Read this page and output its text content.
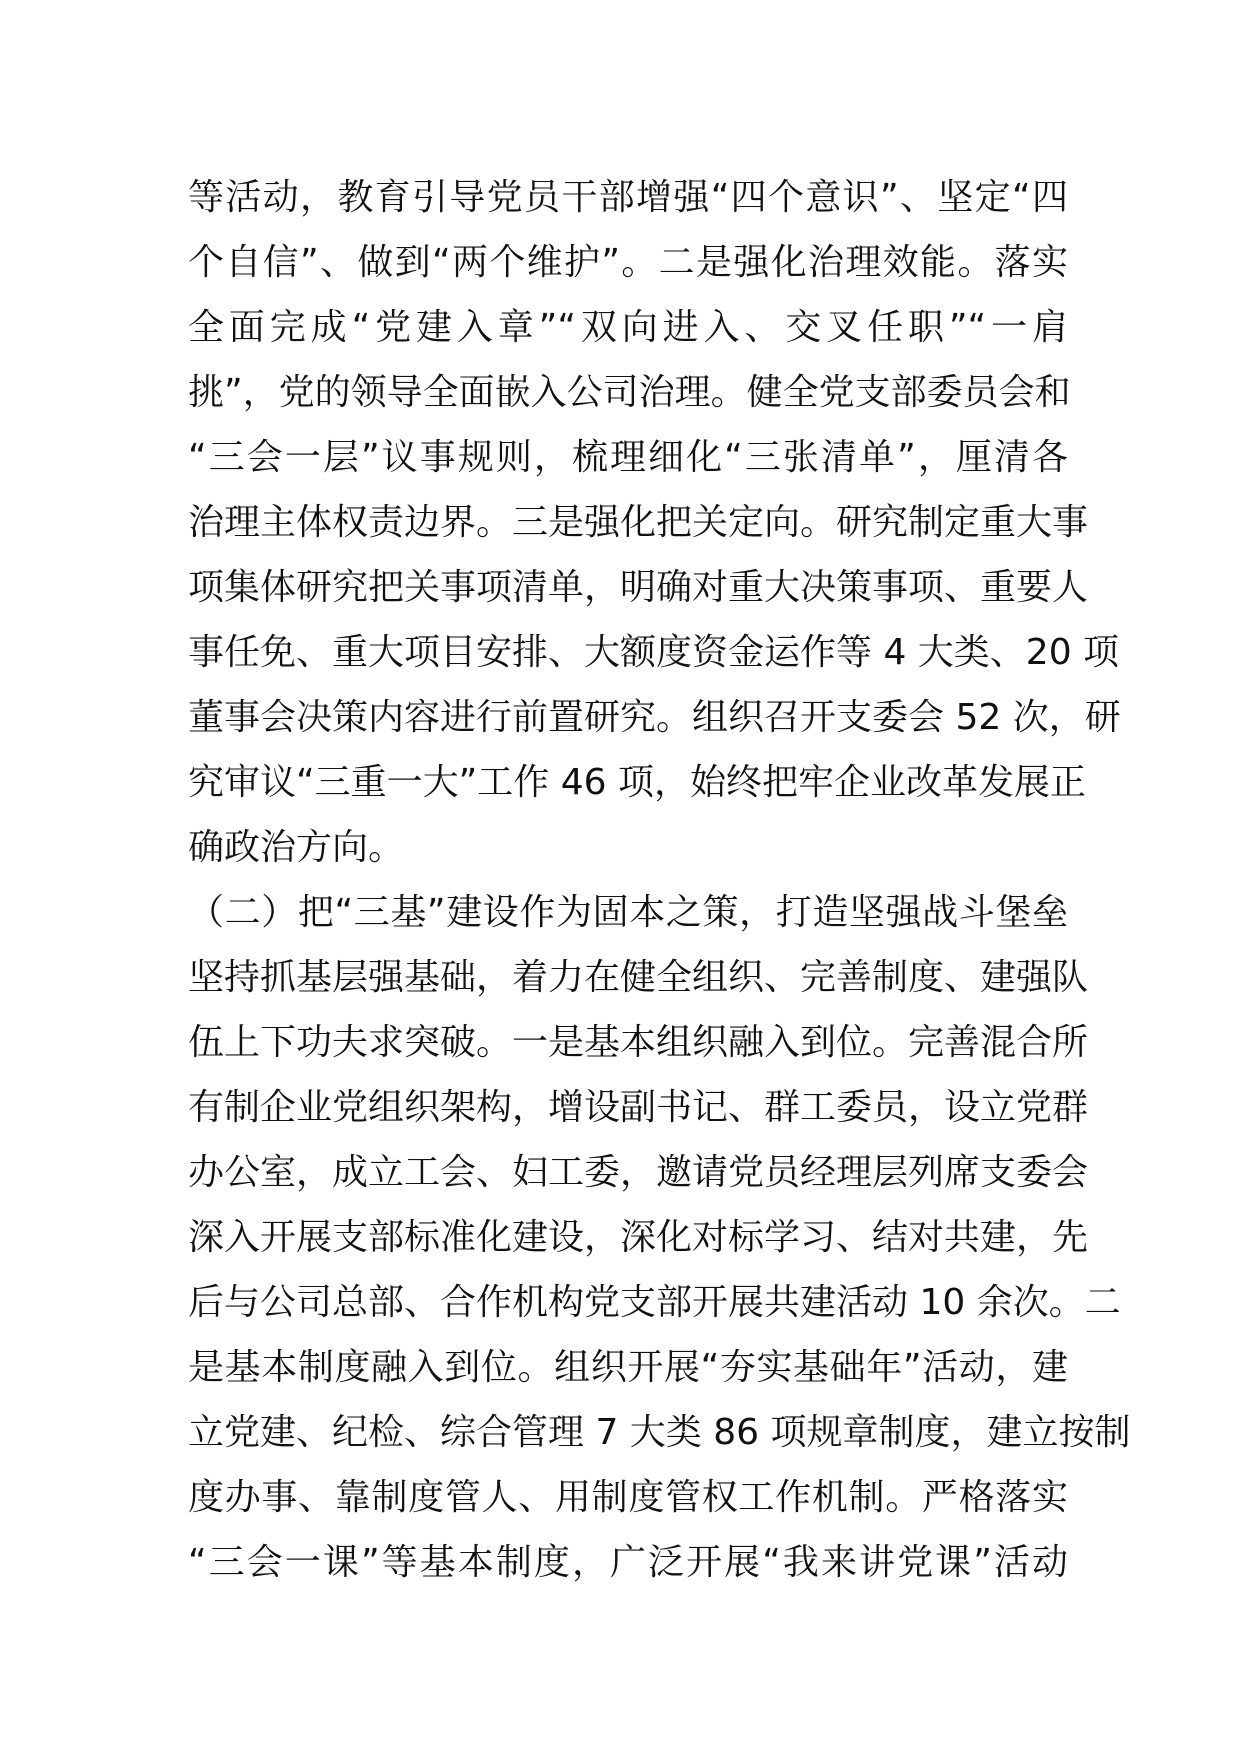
等活动，教育引导党员干部增强“四个意识”、坚定“四
个自信”、做到“两个维护”。二是强化治理效能。落实
全面完成“党建入章”“双向进入、交叉任职”“一肩
挑”，党的领导全面嵌入公司治理。健全党支部委员会和
“三会一层”议事规则，梳理细化“三张清单”，厘清各
治理主体权责边界。三是强化把关定向。研究制定重大事
项集体研究把关事项清单，明确对重大决策事项、重要人
事任免、重大项目安排、大额度资金运作等 4 大类、20 项
董事会决策内容进行前置研究。组织召开支委会 52 次，研
究审议“三重一大”工作 46 项，始终把牢企业改革发展正
确政治方向。
（二）把“三基”建设作为固本之策，打造坚强战斗堡垒
坚持抓基层强基础，着力在健全组织、完善制度、建强队
伍上下功夫求突破。一是基本组织融入到位。完善混合所
有制企业党组织架构，增设副书记、群工委员，设立党群
办公室，成立工会、妇工委，邀请党员经理层列席支委会
深入开展支部标准化建设，深化对标学习、结对共建，先
后与公司总部、合作机构党支部开展共建活动 10 余次。二
是基本制度融入到位。组织开展“夯实基础年”活动，建
立党建、纪检、综合管理 7 大类 86 项规章制度，建立按制
度办事、靠制度管人、用制度管权工作机制。严格落实
“三会一课”等基本制度，广泛开展“我来讲党课”活动
